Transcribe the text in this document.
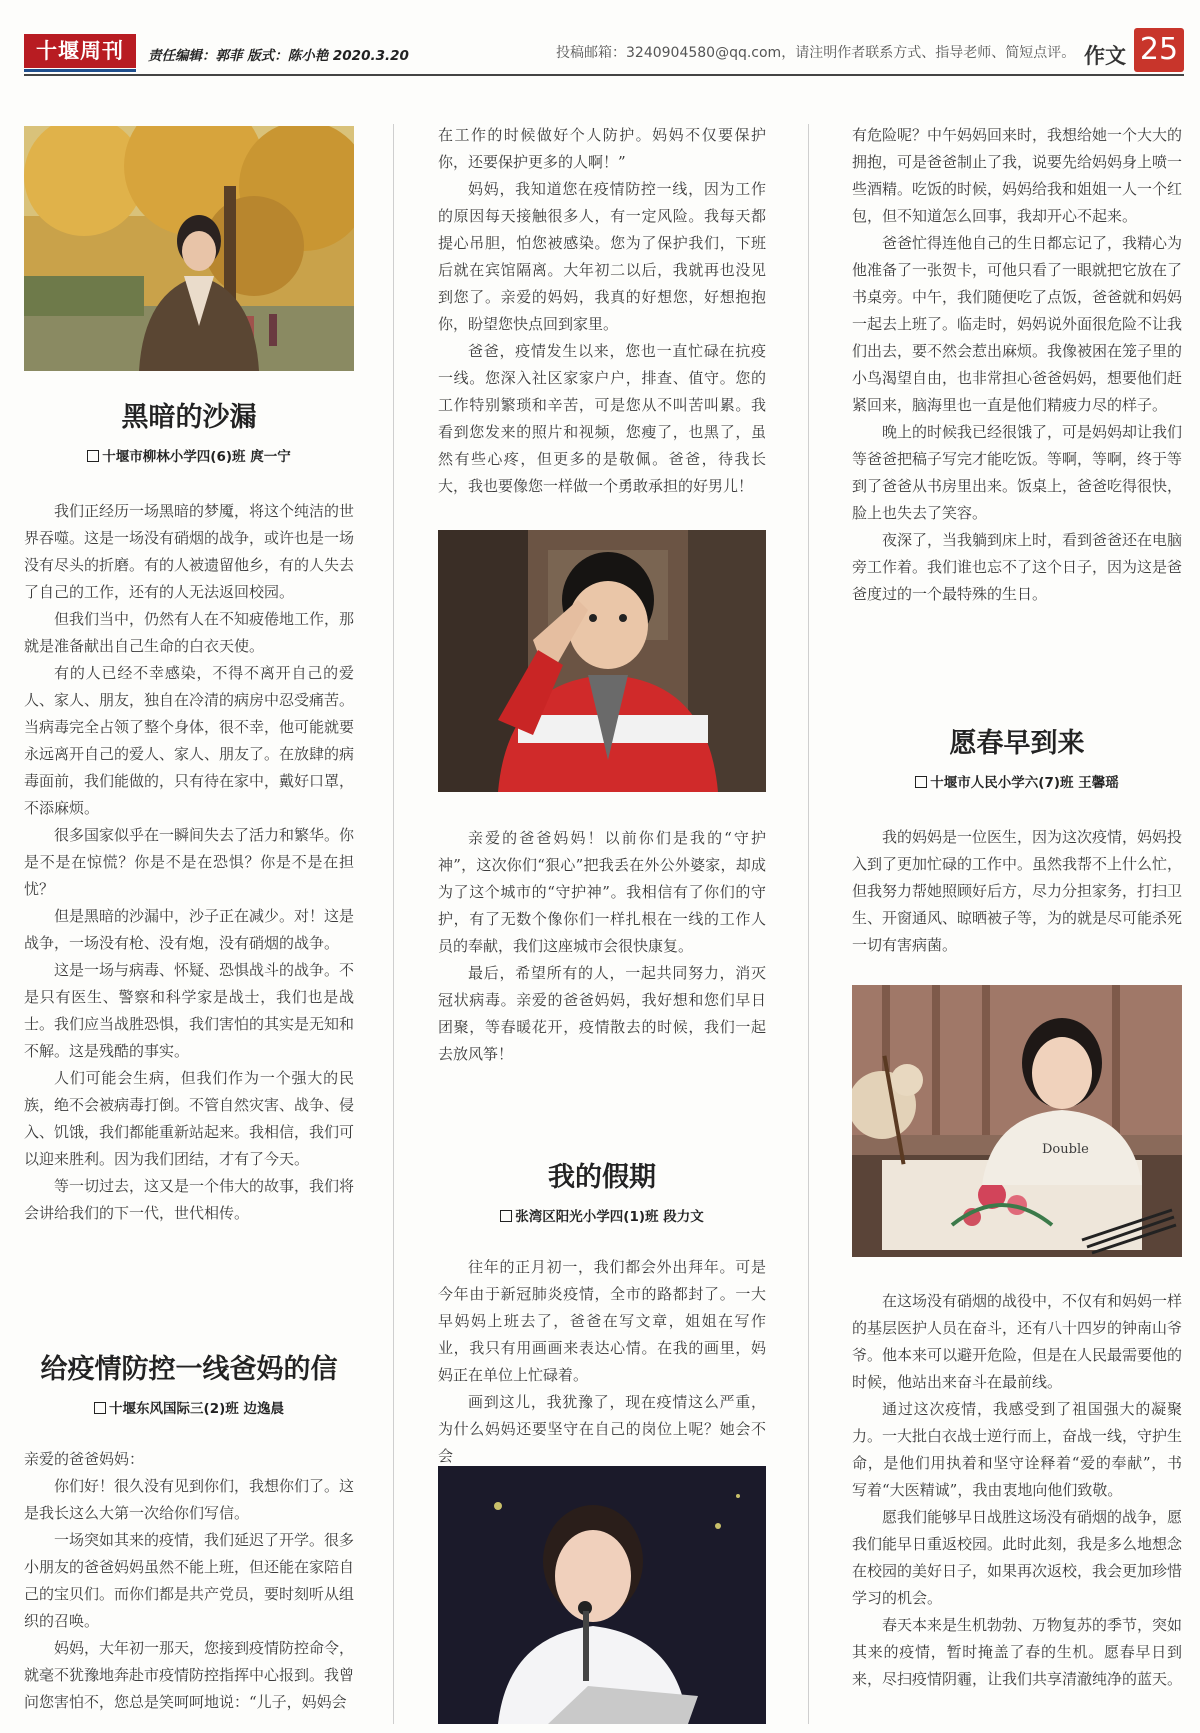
十堰周刊	责任编辑：郭菲 版式：陈小艳 2020.3.20	投稿邮箱：3240904580@qq.com，请注明作者联系方式、指导老师、简短点评。 作文 25
黑暗的沙漏
十堰市柳林小学四(6)班 庹一宁

我们正经历一场黑暗的梦魇，将这个纯洁的世界吞噬。这是一场没有硝烟的战争，或许也是一场没有尽头的折磨。有的人被遗留他乡，有的人失去了自己的工作，还有的人无法返回校园。

但我们当中，仍然有人在不知疲倦地工作，那就是准备献出自己生命的白衣天使。

有的人已经不幸感染，不得不离开自己的爱人、家人、朋友，独自在冷清的病房中忍受痛苦。当病毒完全占领了整个身体，很不幸，他可能就要永远离开自己的爱人、家人、朋友了。在放肆的病毒面前，我们能做的，只有待在家中，戴好口罩，不添麻烦。

很多国家似乎在一瞬间失去了活力和繁华。你是不是在惊慌？你是不是在恐惧？你是不是在担忧？

但是黑暗的沙漏中，沙子正在减少。对！这是战争，一场没有枪、没有炮，没有硝烟的战争。

这是一场与病毒、怀疑、恐惧战斗的战争。不是只有医生、警察和科学家是战士，我们也是战士。我们应当战胜恐惧，我们害怕的其实是无知和不解。这是残酷的事实。

人们可能会生病，但我们作为一个强大的民族，绝不会被病毒打倒。不管自然灾害、战争、侵入、饥饿，我们都能重新站起来。我相信，我们可以迎来胜利。因为我们团结，才有了今天。

等一切过去，这又是一个伟大的故事，我们将会讲给我们的下一代，世代相传。

给疫情防控一线爸妈的信
十堰东风国际三(2)班 边逸晨

亲爱的爸爸妈妈：

你们好！很久没有见到你们，我想你们了。这是我长这么大第一次给你们写信。

一场突如其来的疫情，我们延迟了开学。很多小朋友的爸爸妈妈虽然不能上班，但还能在家陪自己的宝贝们。而你们都是共产党员，要时刻听从组织的召唤。

妈妈，大年初一那天，您接到疫情防控命令，就毫不犹豫地奔赴市疫情防控指挥中心报到。我曾问您害怕不，您总是笑呵呵地说：“儿子，妈妈会

在工作的时候做好个人防护。妈妈不仅要保护你，还要保护更多的人啊！”

妈妈，我知道您在疫情防控一线，因为工作的原因每天接触很多人，有一定风险。我每天都提心吊胆，怕您被感染。您为了保护我们，下班后就在宾馆隔离。大年初二以后，我就再也没见到您了。亲爱的妈妈，我真的好想您，好想抱抱你，盼望您快点回到家里。

爸爸，疫情发生以来，您也一直忙碌在抗疫一线。您深入社区家家户户，排查、值守。您的工作特别繁琐和辛苦，可是您从不叫苦叫累。我看到您发来的照片和视频，您瘦了，也黑了，虽然有些心疼，但更多的是敬佩。爸爸，待我长大，我也要像您一样做一个勇敢承担的好男儿！

亲爱的爸爸妈妈！以前你们是我的“守护神”，这次你们“狠心”把我丢在外公外婆家，却成为了这个城市的“守护神”。我相信有了你们的守护，有了无数个像你们一样扎根在一线的工作人员的奉献，我们这座城市会很快康复。

最后，希望所有的人，一起共同努力，消灭冠状病毒。亲爱的爸爸妈妈，我好想和您们早日团聚，等春暖花开，疫情散去的时候，我们一起去放风筝！

我的假期
张湾区阳光小学四(1)班 段力文

往年的正月初一，我们都会外出拜年。可是今年由于新冠肺炎疫情，全市的路都封了。一大早妈妈上班去了，爸爸在写文章，姐姐在写作业，我只有用画画来表达心情。在我的画里，妈妈正在单位上忙碌着。

画到这儿，我犹豫了，现在疫情这么严重，为什么妈妈还要坚守在自己的岗位上呢？她会不会

有危险呢？中午妈妈回来时，我想给她一个大大的拥抱，可是爸爸制止了我，说要先给妈妈身上喷一些酒精。吃饭的时候，妈妈给我和姐姐一人一个红包，但不知道怎么回事，我却开心不起来。

爸爸忙得连他自己的生日都忘记了，我精心为他准备了一张贺卡，可他只看了一眼就把它放在了书桌旁。中午，我们随便吃了点饭，爸爸就和妈妈一起去上班了。临走时，妈妈说外面很危险不让我们出去，要不然会惹出麻烦。我像被困在笼子里的小鸟渴望自由，也非常担心爸爸妈妈，想要他们赶紧回来，脑海里也一直是他们精疲力尽的样子。

晚上的时候我已经很饿了，可是妈妈却让我们等爸爸把稿子写完才能吃饭。等啊，等啊，终于等到了爸爸从书房里出来。饭桌上，爸爸吃得很快，脸上也失去了笑容。

夜深了，当我躺到床上时，看到爸爸还在电脑旁工作着。我们谁也忘不了这个日子，因为这是爸爸度过的一个最特殊的生日。

愿春早到来
十堰市人民小学六(7)班 王馨瑶

我的妈妈是一位医生，因为这次疫情，妈妈投入到了更加忙碌的工作中。虽然我帮不上什么忙，但我努力帮她照顾好后方，尽力分担家务，打扫卫生、开窗通风、晾晒被子等，为的就是尽可能杀死一切有害病菌。

Double

在这场没有硝烟的战役中，不仅有和妈妈一样的基层医护人员在奋斗，还有八十四岁的钟南山爷爷。他本来可以避开危险，但是在人民最需要他的时候，他站出来奋斗在最前线。

通过这次疫情，我感受到了祖国强大的凝聚力。一大批白衣战士逆行而上，奋战一线，守护生命，是他们用执着和坚守诠释着“爱的奉献”，书写着“大医精诚”，我由衷地向他们致敬。

愿我们能够早日战胜这场没有硝烟的战争，愿我们能早日重返校园。此时此刻，我是多么地想念在校园的美好日子，如果再次返校，我会更加珍惜学习的机会。

春天本来是生机勃勃、万物复苏的季节，突如其来的疫情，暂时掩盖了春的生机。愿春早日到来，尽扫疫情阴霾，让我们共享清澈纯净的蓝天。
